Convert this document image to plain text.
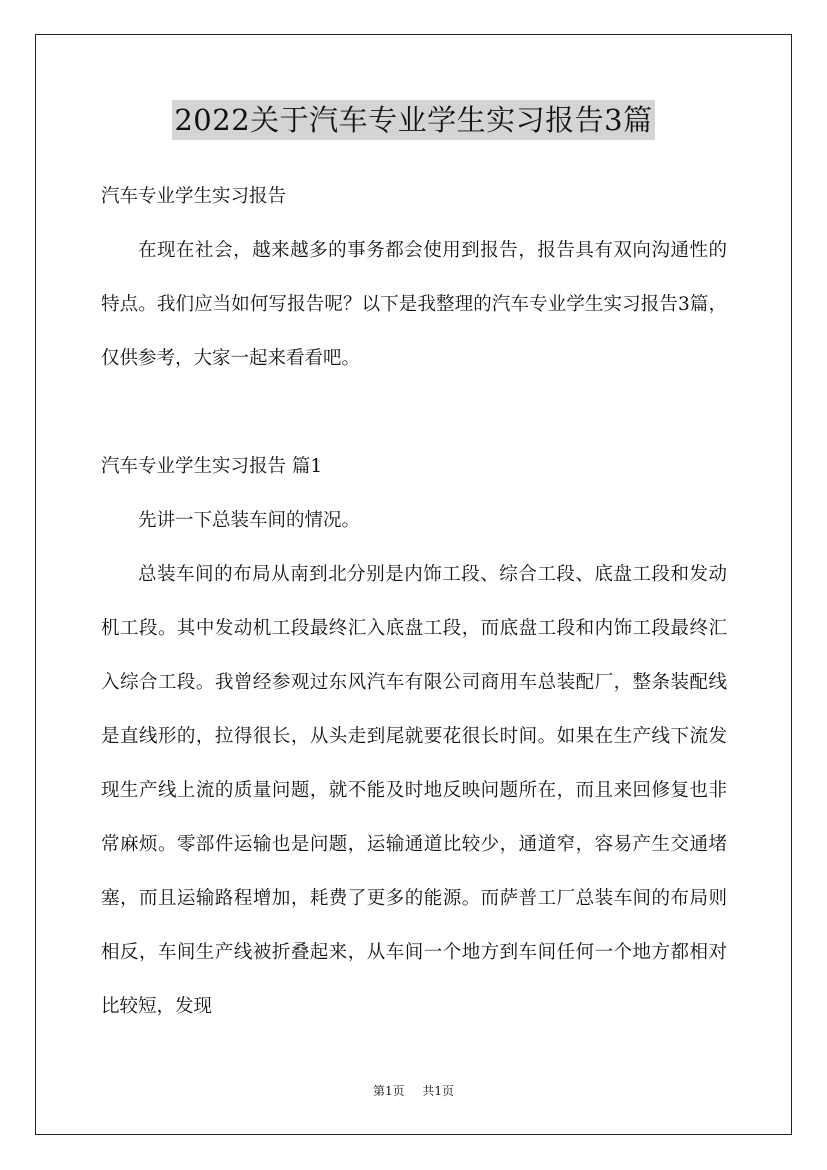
2022关于汽车专业学生实习报告3篇

汽车专业学生实习报告

在现在社会，越来越多的事务都会使用到报告，报告具有双向沟通性的特点。我们应当如何写报告呢？以下是我整理的汽车专业学生实习报告3篇，仅供参考，大家一起来看看吧。

汽车专业学生实习报告 篇1

先讲一下总装车间的情况。

总装车间的布局从南到北分别是内饰工段、综合工段、底盘工段和发动机工段。其中发动机工段最终汇入底盘工段，而底盘工段和内饰工段最终汇入综合工段。我曾经参观过东风汽车有限公司商用车总装配厂，整条装配线是直线形的，拉得很长，从头走到尾就要花很长时间。如果在生产线下流发现生产线上流的质量问题，就不能及时地反映问题所在，而且来回修复也非常麻烦。零部件运输也是问题，运输通道比较少，通道窄，容易产生交通堵塞，而且运输路程增加，耗费了更多的能源。而萨普工厂总装车间的布局则相反，车间生产线被折叠起来，从车间一个地方到车间任何一个地方都相对比较短，发现

第1页 共1页
